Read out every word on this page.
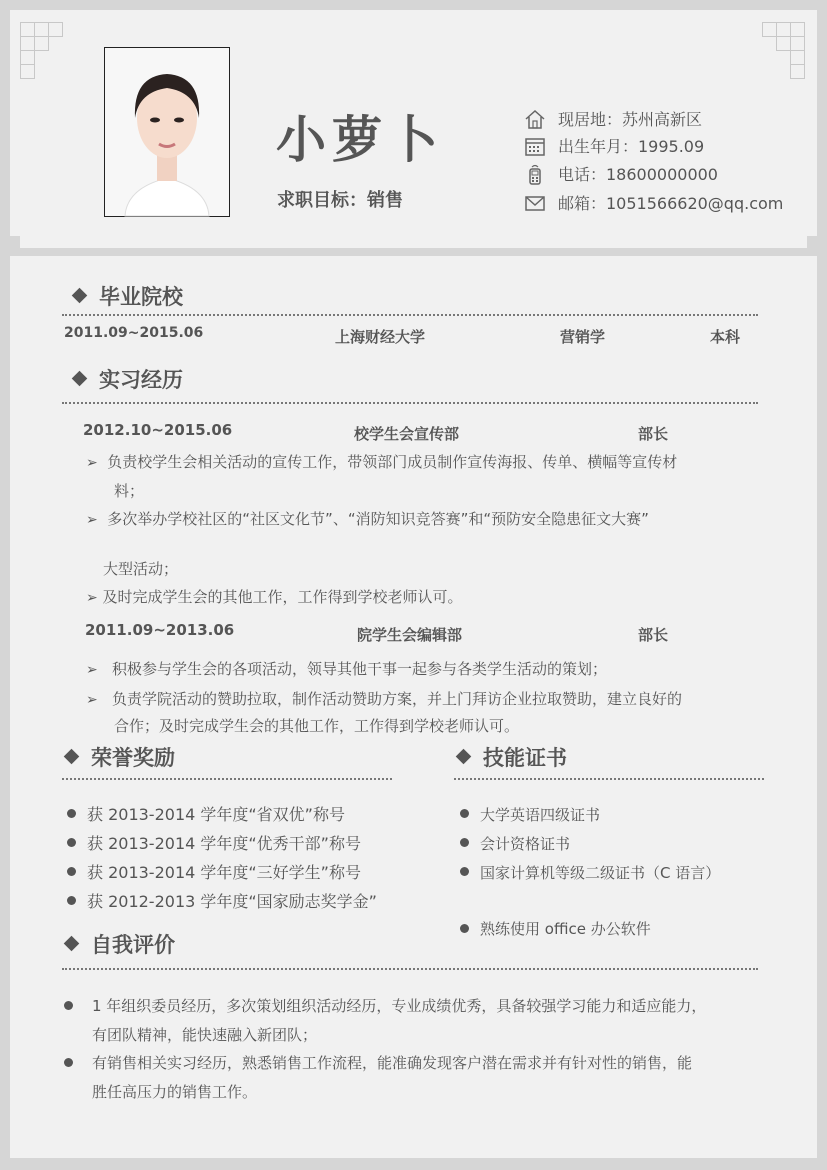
小萝卜
求职目标：销售
现居地：苏州高新区
出生年月：1995.09
电话：18600000000
邮箱：1051566620@qq.com
毕业院校
2011.09~2015.06	上海财经大学	营销学	本科
实习经历
2012.10~2015.06	校学生会宣传部	部长
➢ 负责校学生会相关活动的宣传工作，带领部门成员制作宣传海报、传单、横幅等宣传材
料；
➢ 多次举办学校社区的“社区文化节”、“消防知识竞答赛”和“预防安全隐患征文大赛”
大型活动；
➢ 及时完成学生会的其他工作，工作得到学校老师认可。
2011.09~2013.06	院学生会编辑部	部长
➢ 积极参与学生会的各项活动，领导其他干事一起参与各类学生活动的策划；
➢ 负责学院活动的赞助拉取，制作活动赞助方案，并上门拜访企业拉取赞助，建立良好的
合作；及时完成学生会的其他工作，工作得到学校老师认可。
荣誉奖励
获 2013-2014 学年度“省双优”称号
获 2013-2014 学年度“优秀干部”称号
获 2013-2014 学年度“三好学生”称号
获 2012-2013 学年度“国家励志奖学金”
技能证书
大学英语四级证书
会计资格证书
国家计算机等级二级证书（C 语言）
熟练使用 office 办公软件
自我评价
1 年组织委员经历，多次策划组织活动经历，专业成绩优秀，具备较强学习能力和适应能力，
有团队精神，能快速融入新团队；
有销售相关实习经历，熟悉销售工作流程，能准确发现客户潜在需求并有针对性的销售，能
胜任高压力的销售工作。
